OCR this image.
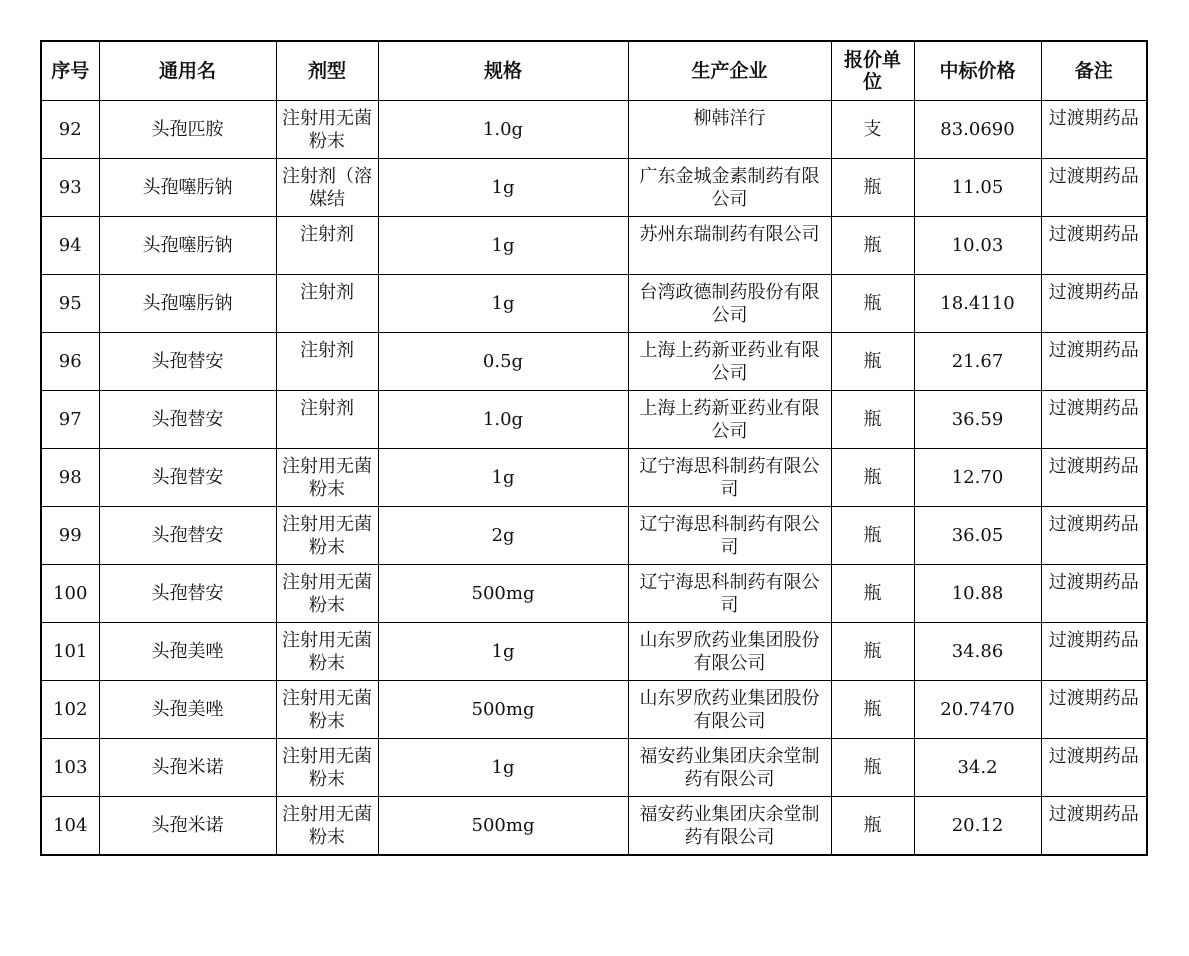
序号	通用名	剂型	规格	生产企业	报价单位	中标价格	备注
92	头孢匹胺	注射用无菌粉末	1.0g	柳韩洋行	支	83.0690	过渡期药品

93	头孢噻肟钠	注射剂（溶媒结	1g	广东金城金素制药有限公司	瓶	11.05	过渡期药品

94	头孢噻肟钠	注射剂	1g	苏州东瑞制药有限公司	瓶	10.03	过渡期药品

95	头孢噻肟钠	注射剂	1g	台湾政德制药股份有限公司	瓶	18.4110	过渡期药品

96	头孢替安	注射剂	0.5g	上海上药新亚药业有限公司	瓶	21.67	过渡期药品

97	头孢替安	注射剂	1.0g	上海上药新亚药业有限公司	瓶	36.59	过渡期药品

98	头孢替安	注射用无菌粉末	1g	辽宁海思科制药有限公司	瓶	12.70	过渡期药品

99	头孢替安	注射用无菌粉末	2g	辽宁海思科制药有限公司	瓶	36.05	过渡期药品

100	头孢替安	注射用无菌粉末	500mg	辽宁海思科制药有限公司	瓶	10.88	过渡期药品

101	头孢美唑	注射用无菌粉末	1g	山东罗欣药业集团股份有限公司	瓶	34.86	过渡期药品

102	头孢美唑	注射用无菌粉末	500mg	山东罗欣药业集团股份有限公司	瓶	20.7470	过渡期药品

103	头孢米诺	注射用无菌粉末	1g	福安药业集团庆余堂制药有限公司	瓶	34.2	过渡期药品

104	头孢米诺	注射用无菌粉末	500mg	福安药业集团庆余堂制药有限公司	瓶	20.12	过渡期药品
